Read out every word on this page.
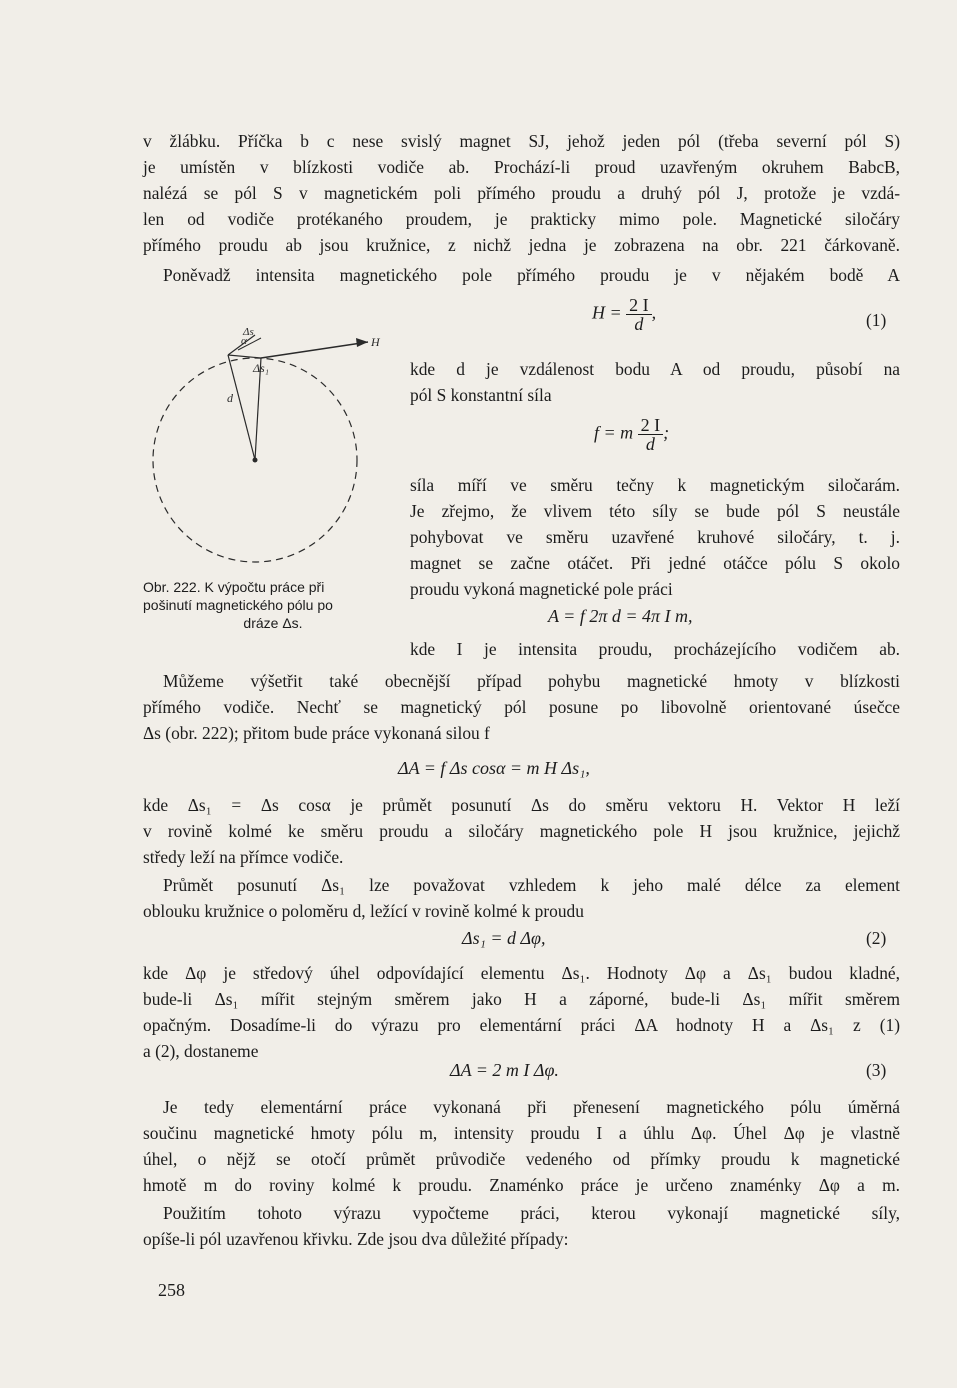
v žlábku. Příčka b c nese svislý magnet SJ, jehož jeden pól (třeba severní pól S)
je umístěn v blízkosti vodiče ab. Prochází-li proud uzavřeným okruhem BabcB,
nalézá se pól S v magnetickém poli přímého proudu a druhý pól J, protože je vzdá-
len od vodiče protékaného proudem, je prakticky mimo pole. Magnetické siločáry
přímého proudu ab jsou kružnice, z nichž jedna je zobrazena na obr. 221 čárkovaně.
Poněvadž intensita magnetického pole přímého proudu je v nějakém bodě A
Δs₁
α
d
Δs
H
$H = \frac{2 I}{d}$ ,	(1)
kde d je vzdálenost bodu A od proudu, působí na
pól S konstantní síla
f = m $\frac{2 I}{d}$ ;
síla míří ve směru tečny k magnetickým siločarám.
Je zřejmo, že vlivem této síly se bude pól S neustále
pohybovat ve směru uzavřené kruhové siločáry, t. j.
magnet se začne otáčet. Při jedné otáčce pólu S okolo
proudu vykoná magnetické pole práci
Obr. 222. K výpočtu práce při
pošinutí magnetického pólu po

dráze Δs.	A = f 2π d = 4π I m,
kde I je intensita proudu, procházejícího vodičem ab.
Můžeme výšetřit také obecnější případ pohybu magnetické hmoty v blízkosti
přímého vodiče. Nechť se magnetický pól posune po libovolně orientované úsečce
Δs (obr. 222); přitom bude práce vykonaná silou f
ΔA = f Δs cosα = m H Δs₁,
kde Δs₁ = Δs cosα je průmět posunutí Δs do směru vektoru H. Vektor H leží
v rovině kolmé ke směru proudu a siločáry magnetického pole H jsou kružnice, jejichž
středy leží na přímce vodiče.
Průmět posunutí Δs₁ lze považovat vzhledem k jeho malé délce za element
oblouku kružnice o poloměru d, ležící v rovině kolmé k proudu
Δs₁ = d Δφ,	(2)
kde Δφ je středový úhel odpovídající elementu Δs₁. Hodnoty Δφ a Δs₁ budou kladné,
bude-li Δs₁ mířit stejným směrem jako H a záporné, bude-li Δs₁ mířit směrem
opačným. Dosadíme-li do výrazu pro elementární práci ΔA hodnoty H a Δs₁ z (1)
a (2), dostaneme
ΔA = 2 m I Δφ.	(3)
Je tedy elementární práce vykonaná při přenesení magnetického pólu úměrná
součinu magnetické hmoty pólu m, intensity proudu I a úhlu Δφ. Úhel Δφ je vlastně
úhel, o nějž se otočí průmět průvodiče vedeného od přímky proudu k magnetické
hmotě m do roviny kolmé k proudu. Znaménko práce je určeno znaménky Δφ a m.
Použitím tohoto výrazu vypočteme práci, kterou vykonají magnetické síly,
opíše-li pól uzavřenou křivku. Zde jsou dva důležité případy:
258
